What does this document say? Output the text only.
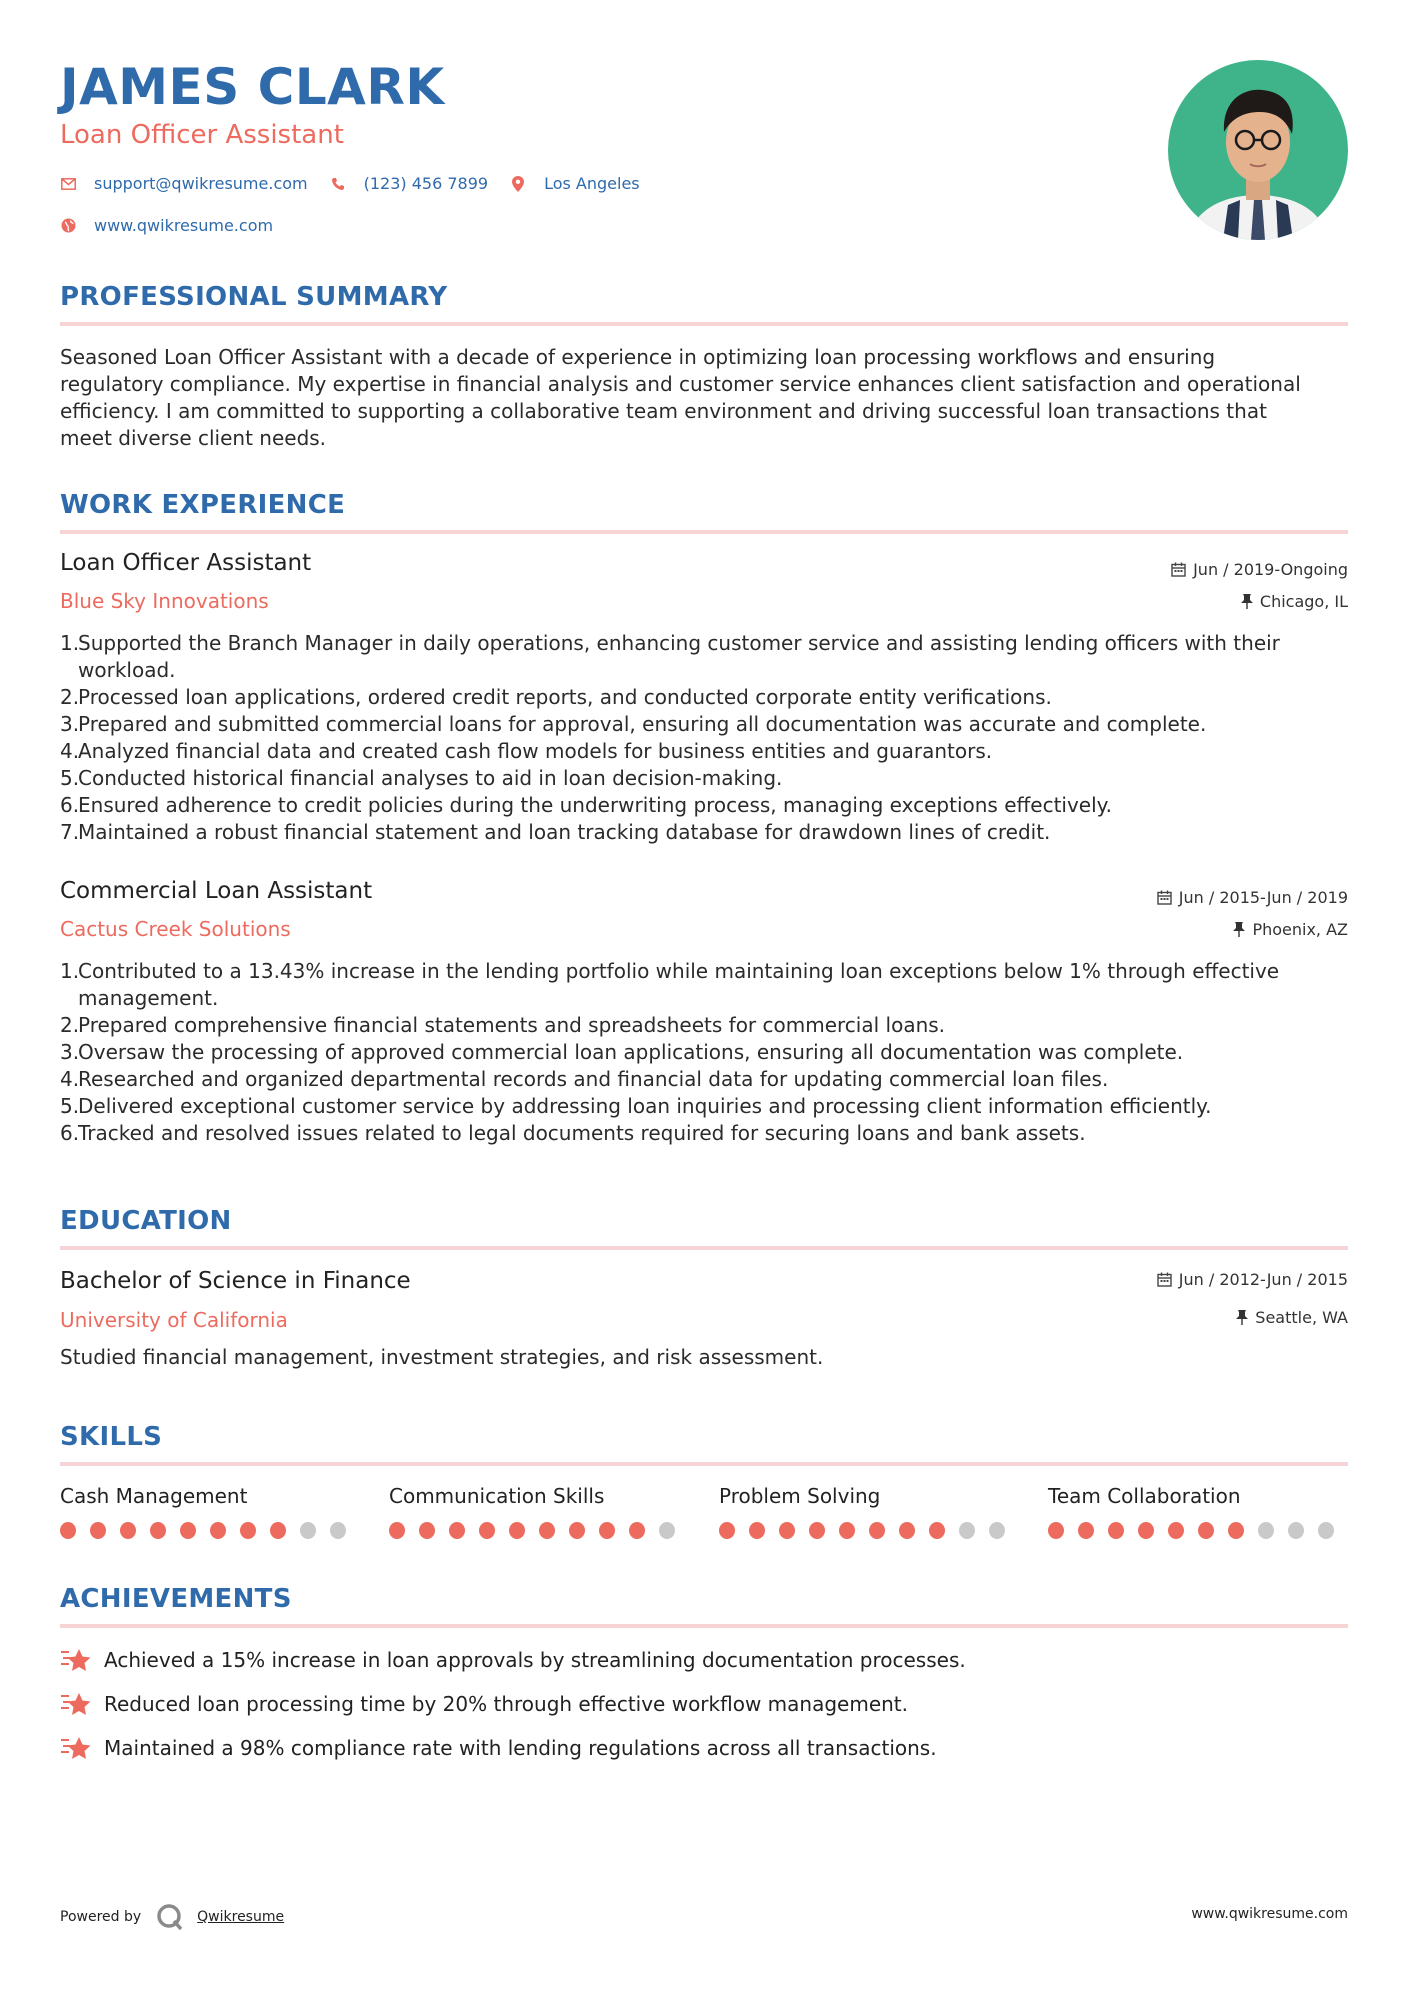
JAMES CLARK
Loan Officer Assistant
support@qwikresume.com	(123) 456 7899	Los Angeles
www.qwikresume.com
PROFESSIONAL SUMMARY
Seasoned Loan Officer Assistant with a decade of experience in optimizing loan processing workflows and ensuring
regulatory compliance. My expertise in financial analysis and customer service enhances client satisfaction and operational
efficiency. I am committed to supporting a collaborative team environment and driving successful loan transactions that
meet diverse client needs.
WORK EXPERIENCE
Loan Officer Assistant
Blue Sky Innovations
Jun / 2019-Ongoing
Chicago, IL
1.
Supported the Branch Manager in daily operations, enhancing customer service and assisting lending officers with their
workload.
2.
Processed loan applications, ordered credit reports, and conducted corporate entity verifications.
3.
Prepared and submitted commercial loans for approval, ensuring all documentation was accurate and complete.
4.
Analyzed financial data and created cash flow models for business entities and guarantors.
5.
Conducted historical financial analyses to aid in loan decision-making.
6.
Ensured adherence to credit policies during the underwriting process, managing exceptions effectively.
7.
Maintained a robust financial statement and loan tracking database for drawdown lines of credit.
Commercial Loan Assistant
Cactus Creek Solutions
Jun / 2015-Jun / 2019
Phoenix, AZ
1.
Contributed to a 13.43% increase in the lending portfolio while maintaining loan exceptions below 1% through effective
management.
2.
Prepared comprehensive financial statements and spreadsheets for commercial loans.
3.
Oversaw the processing of approved commercial loan applications, ensuring all documentation was complete.
4.
Researched and organized departmental records and financial data for updating commercial loan files.
5.
Delivered exceptional customer service by addressing loan inquiries and processing client information efficiently.
6.
Tracked and resolved issues related to legal documents required for securing loans and bank assets.
EDUCATION
Bachelor of Science in Finance
University of California
Jun / 2012-Jun / 2015
Seattle, WA
Studied financial management, investment strategies, and risk assessment.
SKILLS
Cash Management	Communication Skills	Problem Solving	Team Collaboration
ACHIEVEMENTS
Achieved a 15% increase in loan approvals by streamlining documentation processes.
Reduced loan processing time by 20% through effective workflow management.
Maintained a 98% compliance rate with lending regulations across all transactions.
Powered by	Qwikresume	www.qwikresume.com
